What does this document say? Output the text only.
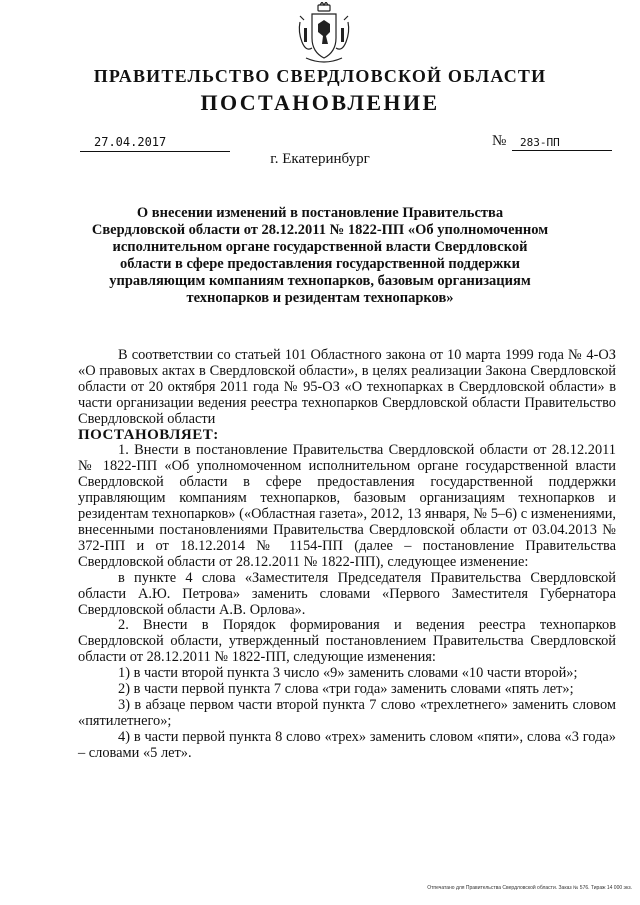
ПРАВИТЕЛЬСТВО СВЕРДЛОВСКОЙ ОБЛАСТИ
ПОСТАНОВЛЕНИЕ
27.04.2017	№ 283-ПП
г. Екатеринбург
О внесении изменений в постановление Правительства Свердловской области от 28.12.2011 № 1822-ПП «Об уполномоченном исполнительном органе государственной власти Свердловской области в сфере предоставления государственной поддержки управляющим компаниям технопарков, базовым организациям технопарков и резидентам технопарков»

В соответствии со статьей 101 Областного закона от 10 марта 1999 года № 4-ОЗ «О правовых актах в Свердловской области», в целях реализации Закона Свердловской области от 20 октября 2011 года № 95-ОЗ «О технопарках в Свердловской области» в части организации ведения реестра технопарков Свердловской области Правительство Свердловской области

ПОСТАНОВЛЯЕТ:

1. Внести в постановление Правительства Свердловской области от 28.12.2011 № 1822-ПП «Об уполномоченном исполнительном органе государственной власти Свердловской области в сфере предоставления государственной поддержки управляющим компаниям технопарков, базовым организациям технопарков и резидентам технопарков» («Областная газета», 2012, 13 января, № 5–6) с изменениями, внесенными постановлениями Правительства Свердловской области от 03.04.2013 № 372-ПП и от 18.12.2014 № 1154-ПП (далее – постановление Правительства Свердловской области от 28.12.2011 № 1822-ПП), следующее изменение:

в пункте 4 слова «Заместителя Председателя Правительства Свердловской области А.Ю. Петрова» заменить словами «Первого Заместителя Губернатора Свердловской области А.В. Орлова».

2. Внести в Порядок формирования и ведения реестра технопарков Свердловской области, утвержденный постановлением Правительства Свердловской области от 28.12.2011 № 1822-ПП, следующие изменения:

1) в части второй пункта 3 число «9» заменить словами «10 части второй»;

2) в части первой пункта 7 слова «три года» заменить словами «пять лет»;

3) в абзаце первом части второй пункта 7 слово «трехлетнего» заменить словом «пятилетнего»;

4) в части первой пункта 8 слово «трех» заменить словом «пяти», слова «3 года» – словами «5 лет».

Отпечатано для Правительства Свердловской области. Заказ № 576. Тираж 14 000 экз.
